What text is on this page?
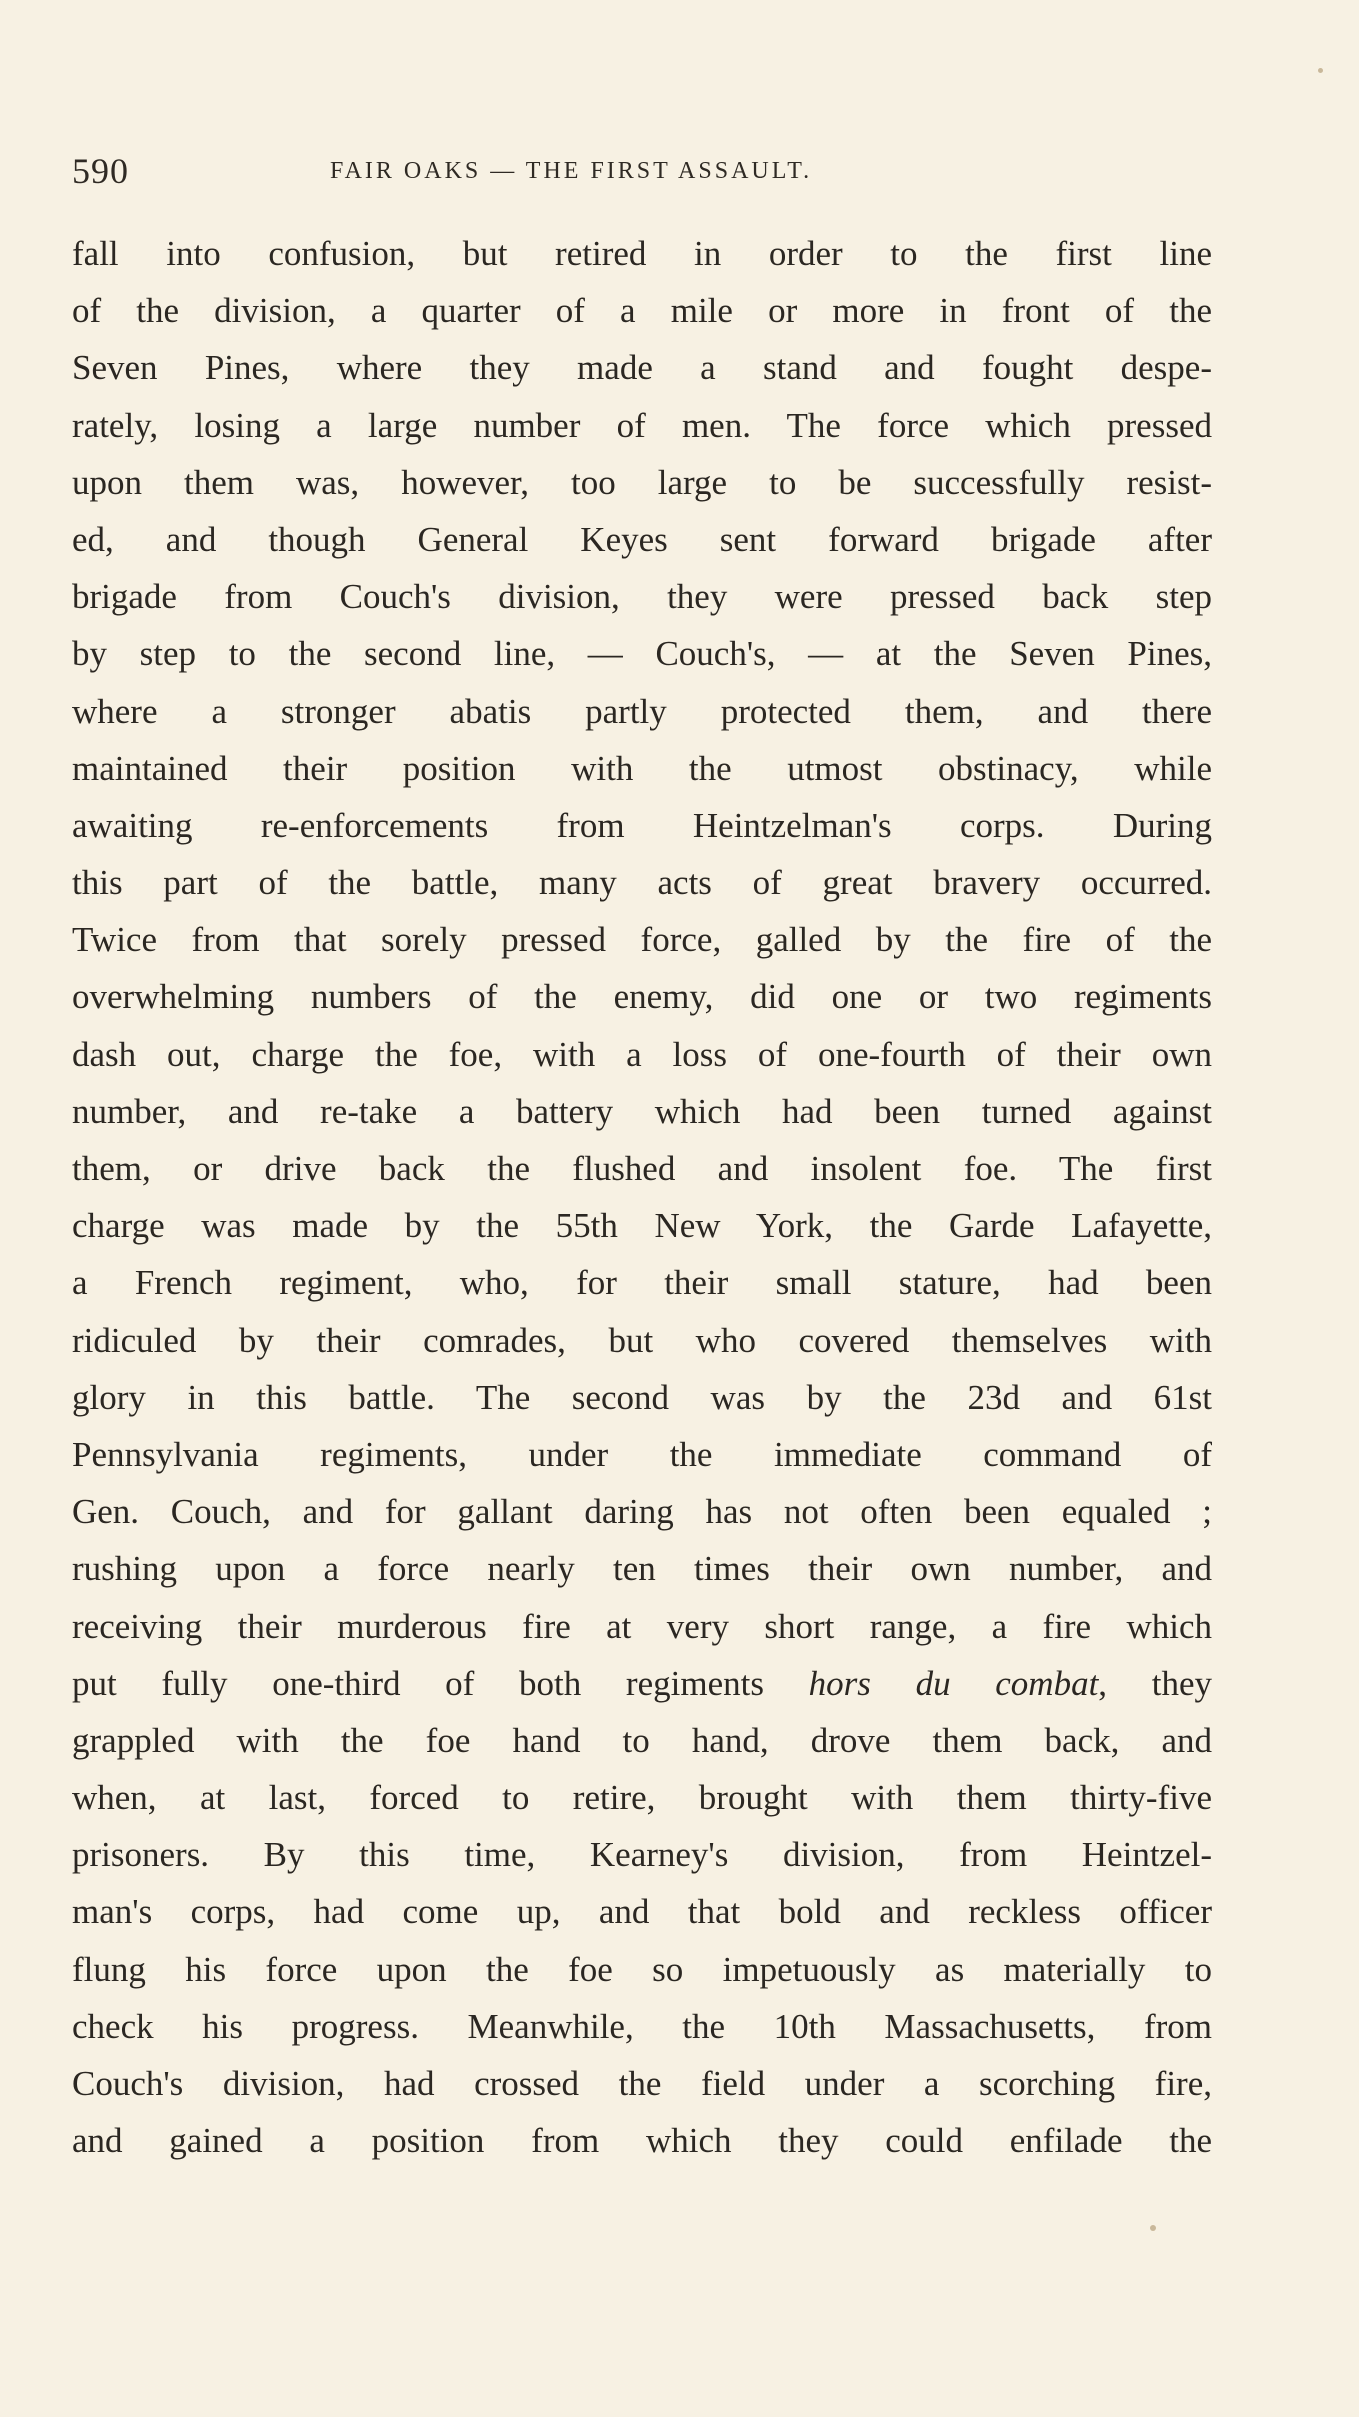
590	FAIR OAKS — THE FIRST ASSAULT.
fall into confusion, but retired in order to the first line
of the division, a quarter of a mile or more in front of the
Seven Pines, where they made a stand and fought despe-
rately, losing a large number of men. The force which pressed
upon them was, however, too large to be successfully resist-
ed, and though General Keyes sent forward brigade after
brigade from Couch's division, they were pressed back step
by step to the second line, — Couch's, — at the Seven Pines,
where a stronger abatis partly protected them, and there
maintained their position with the utmost obstinacy, while
awaiting re-enforcements from Heintzelman's corps. During
this part of the battle, many acts of great bravery occurred.
Twice from that sorely pressed force, galled by the fire of the
overwhelming numbers of the enemy, did one or two regiments
dash out, charge the foe, with a loss of one-fourth of their own
number, and re-take a battery which had been turned against
them, or drive back the flushed and insolent foe. The first
charge was made by the 55th New York, the Garde Lafayette,
a French regiment, who, for their small stature, had been
ridiculed by their comrades, but who covered themselves with
glory in this battle. The second was by the 23d and 61st
Pennsylvania regiments, under the immediate command of
Gen. Couch, and for gallant daring has not often been equaled ;
rushing upon a force nearly ten times their own number, and
receiving their murderous fire at very short range, a fire which
put fully one-third of both regiments hors du combat, they
grappled with the foe hand to hand, drove them back, and
when, at last, forced to retire, brought with them thirty-five
prisoners. By this time, Kearney's division, from Heintzel-
man's corps, had come up, and that bold and reckless officer
flung his force upon the foe so impetuously as materially to
check his progress. Meanwhile, the 10th Massachusetts, from
Couch's division, had crossed the field under a scorching fire,
and gained a position from which they could enfilade the
